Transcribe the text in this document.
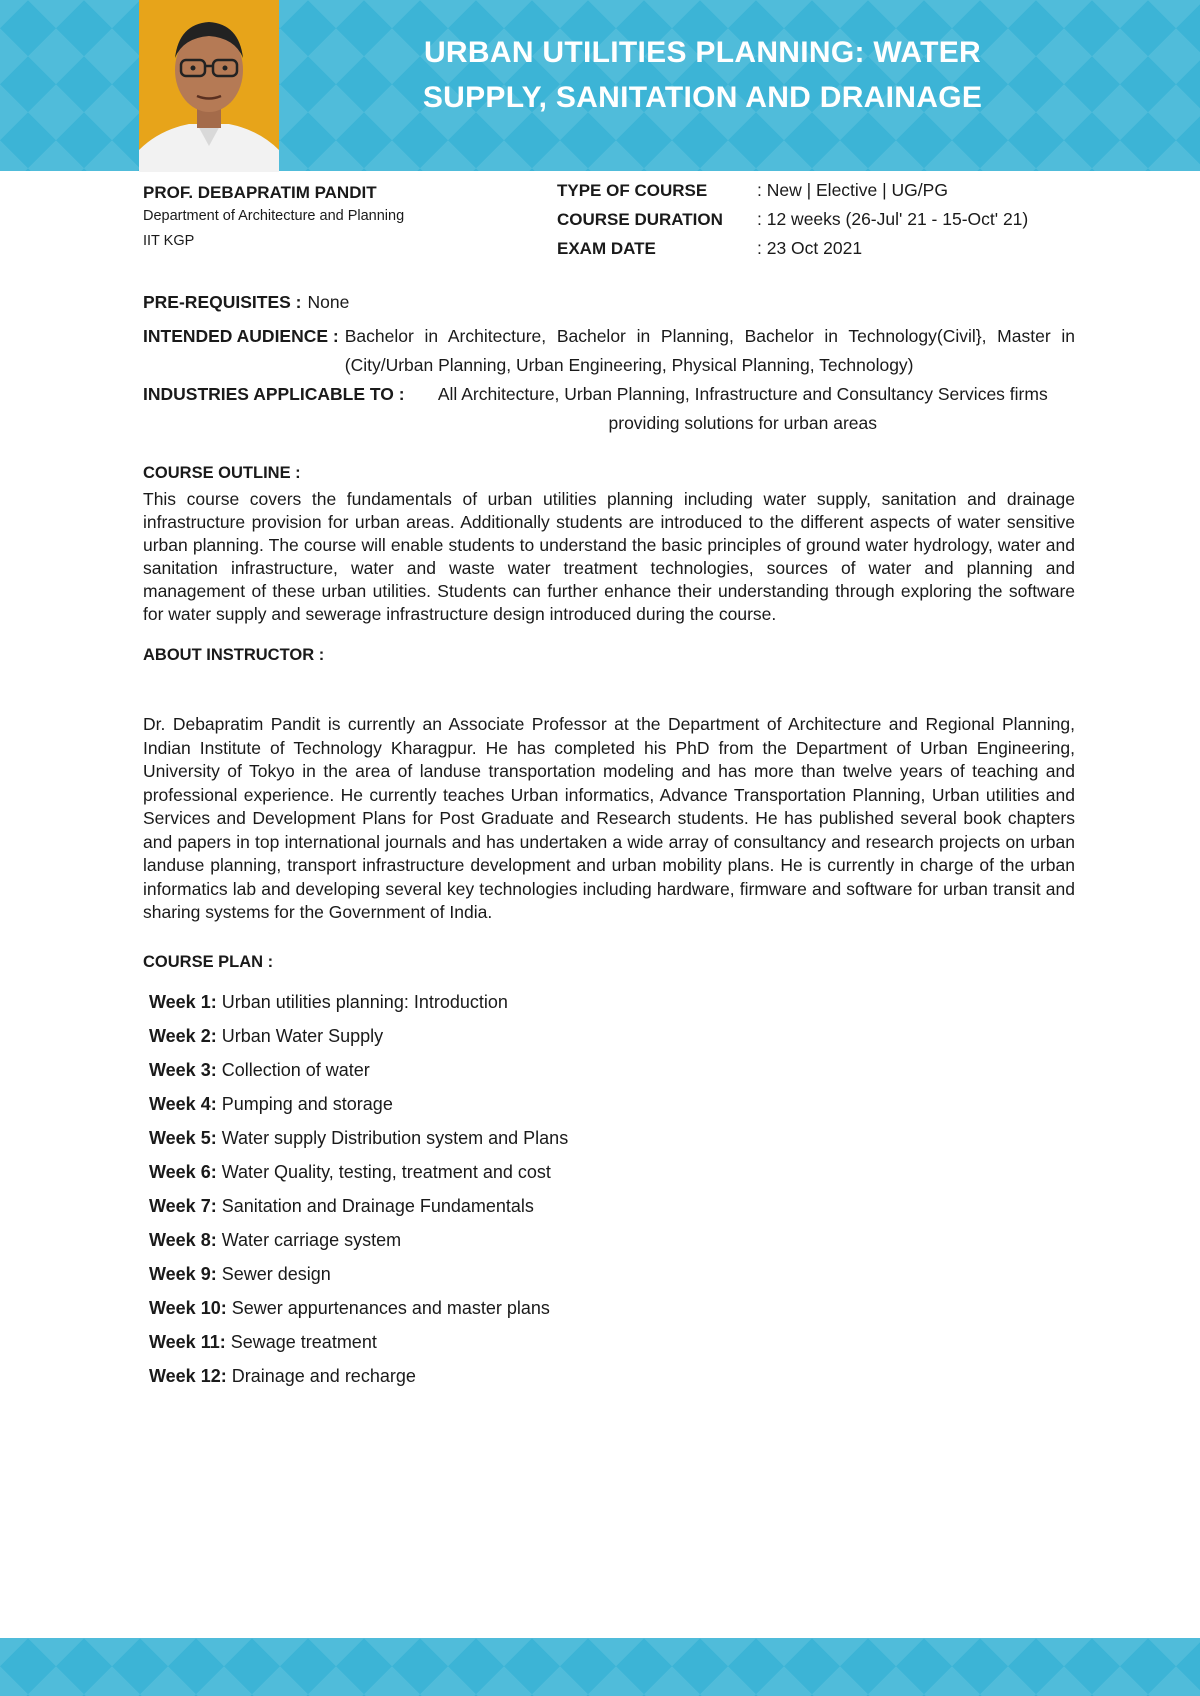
URBAN UTILITIES PLANNING: WATER
SUPPLY, SANITATION AND DRAINAGE
PROF. DEBAPRATIM PANDIT
Department of Architecture and Planning
IIT KGP
TYPE OF COURSE	: New | Elective | UG/PG
COURSE DURATION	: 12 weeks (26-Jul' 21 - 15-Oct' 21)
EXAM DATE	: 23 Oct 2021
PRE-REQUISITES : None
INTENDED AUDIENCE : Bachelor in Architecture, Bachelor in Planning, Bachelor in Technology(Civil}, Master in (City/Urban Planning, Urban Engineering, Physical Planning, Technology)
INDUSTRIES APPLICABLE TO :	All Architecture, Urban Planning, Infrastructure and Consultancy Services firms providing solutions for urban areas
COURSE OUTLINE :

This course covers the fundamentals of urban utilities planning including water supply, sanitation and drainage infrastructure provision for urban areas. Additionally students are introduced to the different aspects of water sensitive urban planning. The course will enable students to understand the basic principles of ground water hydrology, water and sanitation infrastructure, water and waste water treatment technologies, sources of water and planning and management of these urban utilities. Students can further enhance their understanding through exploring the software for water supply and sewerage infrastructure design introduced during the course.

ABOUT INSTRUCTOR :

Dr. Debapratim Pandit is currently an Associate Professor at the Department of Architecture and Regional Planning, Indian Institute of Technology Kharagpur. He has completed his PhD from the Department of Urban Engineering, University of Tokyo in the area of landuse transportation modeling and has more than twelve years of teaching and professional experience. He currently teaches Urban informatics, Advance Transportation Planning, Urban utilities and Services and Development Plans for Post Graduate and Research students. He has published several book chapters and papers in top international journals and has undertaken a wide array of consultancy and research projects on urban landuse planning, transport infrastructure development and urban mobility plans. He is currently in charge of the urban informatics lab and developing several key technologies including hardware, firmware and software for urban transit and sharing systems for the Government of India.

COURSE PLAN :
Week 1: Urban utilities planning: Introduction
Week 2: Urban Water Supply
Week 3: Collection of water
Week 4: Pumping and storage
Week 5: Water supply Distribution system and Plans
Week 6: Water Quality, testing, treatment and cost
Week 7: Sanitation and Drainage Fundamentals
Week 8: Water carriage system
Week 9: Sewer design
Week 10: Sewer appurtenances and master plans
Week 11: Sewage treatment
Week 12: Drainage and recharge
